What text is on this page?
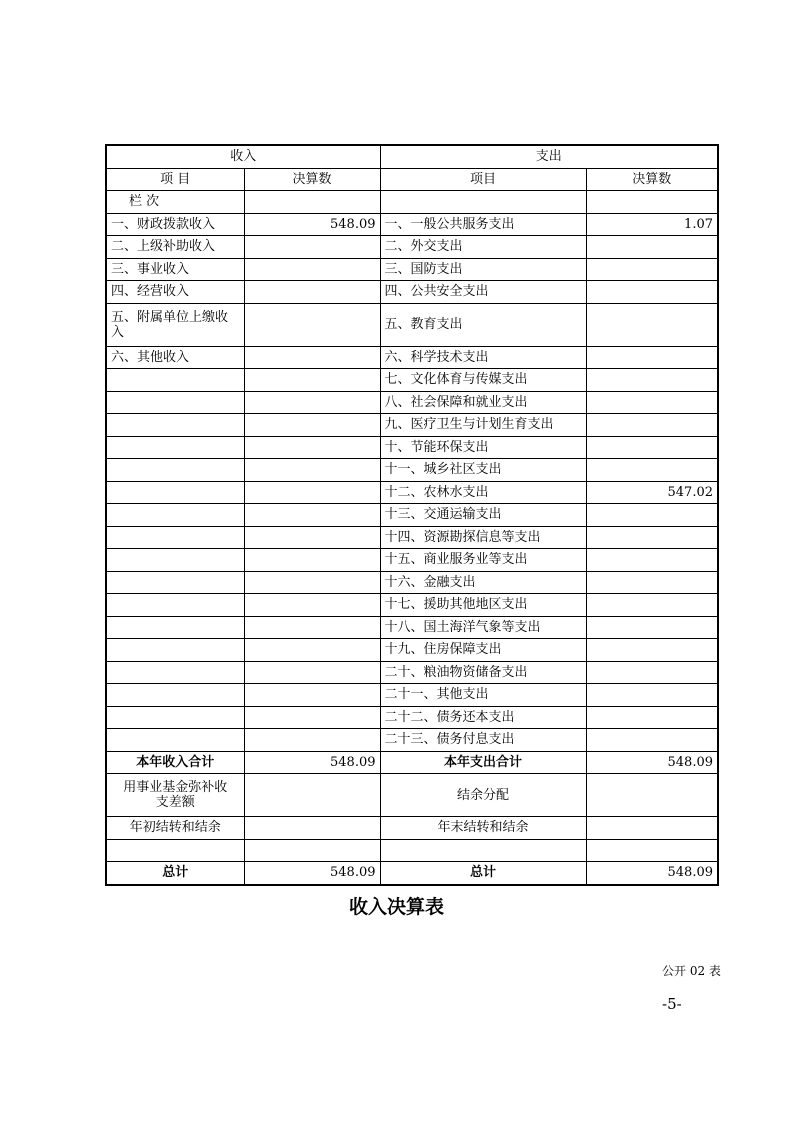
收入		支出	
项 目	决算数	项目	决算数
栏 次			
一、财政拨款收入	548.09	一、一般公共服务支出	1.07
二、上级补助收入		二、外交支出	
三、事业收入		三、国防支出	
四、经营收入		四、公共安全支出	
五、附属单位上缴收入		五、教育支出	
六、其他收入		六、科学技术支出	
		七、文化体育与传媒支出	
		八、社会保障和就业支出	
		九、医疗卫生与计划生育支出	
		十、节能环保支出	
		十一、城乡社区支出	
		十二、农林水支出	547.02
		十三、交通运输支出	
		十四、资源勘探信息等支出	
		十五、商业服务业等支出	
		十六、金融支出	
		十七、援助其他地区支出	
		十八、国土海洋气象等支出	
		十九、住房保障支出	
		二十、粮油物资储备支出	
		二十一、其他支出	
		二十二、债务还本支出	
		二十三、债务付息支出	
本年收入合计	548.09	本年支出合计	548.09
用事业基金弥补收支差额		结余分配	
年初结转和结余		年末结转和结余	

总计	548.09	总计	548.09
收入决算表
公开 02 表
-5-
